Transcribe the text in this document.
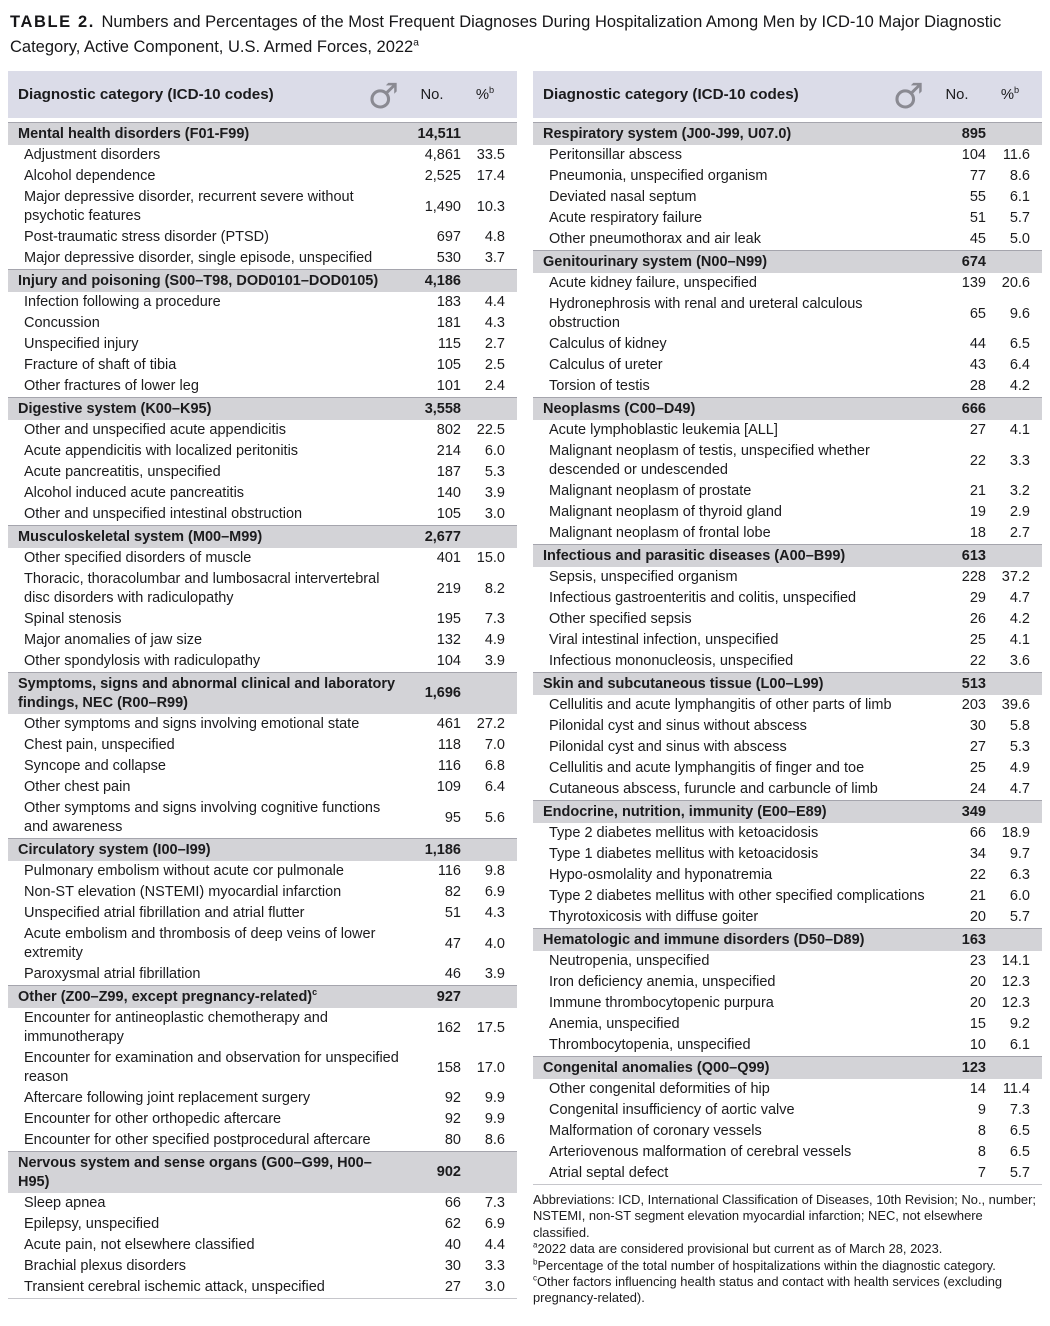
TABLE 2. Numbers and Percentages of the Most Frequent Diagnoses During Hospitalization Among Men by ICD-10 Major Diagnostic Category, Active Component, U.S. Armed Forces, 2022$^a$
Diagnostic category (ICD-10 codes)	♂	No.	%$^b$
Mental health disorders (F01-F99)	14,511
Adjustment disorders	4,861	33.5
Alcohol dependence	2,525	17.4
Major depressive disorder, recurrent severe without psychotic features
1,490	10.3
Post-traumatic stress disorder (PTSD)	697	4.8
Major depressive disorder, single episode, unspecified	530	3.7
Injury and poisoning (S00–T98, DOD0101–DOD0105)	4,186
Infection following a procedure	183	4.4
Concussion	181	4.3
Unspecified injury	115	2.7
Fracture of shaft of tibia	105	2.5
Other fractures of lower leg	101	2.4
Digestive system (K00–K95)	3,558
Other and unspecified acute appendicitis	802	22.5
Acute appendicitis with localized peritonitis	214	6.0
Acute pancreatitis, unspecified	187	5.3
Alcohol induced acute pancreatitis	140	3.9
Other and unspecified intestinal obstruction	105	3.0
Musculoskeletal system (M00–M99)	2,677
Other specified disorders of muscle	401	15.0
Thoracic, thoracolumbar and lumbosacral intervertebral disc disorders with radiculopathy
219	8.2
Spinal stenosis	195	7.3
Major anomalies of jaw size	132	4.9
Other spondylosis with radiculopathy	104	3.9
Symptoms, signs and abnormal clinical and laboratory findings, NEC (R00–R99)
1,696
Other symptoms and signs involving emotional state	461	27.2
Chest pain, unspecified	118	7.0
Syncope and collapse	116	6.8
Other chest pain	109	6.4
Other symptoms and signs involving cognitive functions and awareness
95	5.6
Circulatory system (I00–I99)	1,186
Pulmonary embolism without acute cor pulmonale	116	9.8
Non-ST elevation (NSTEMI) myocardial infarction	82	6.9
Unspecified atrial fibrillation and atrial flutter	51	4.3
Acute embolism and thrombosis of deep veins of lower extremity
47	4.0
Paroxysmal atrial fibrillation	46	3.9
Other (Z00–Z99, except pregnancy-related)$^c$	927
Encounter for antineoplastic chemotherapy and immunotherapy
162	17.5
Encounter for examination and observation for unspecified reason
158	17.0
Aftercare following joint replacement surgery	92	9.9
Encounter for other orthopedic aftercare	92	9.9
Encounter for other specified postprocedural aftercare	80	8.6
Nervous system and sense organs (G00–G99, H00–H95)
902
Sleep apnea	66	7.3
Epilepsy, unspecified	62	6.9
Acute pain, not elsewhere classified	40	4.4
Brachial plexus disorders	30	3.3
Transient cerebral ischemic attack, unspecified	27	3.0
Diagnostic category (ICD-10 codes)	♂	No.	%$^b$
Respiratory system (J00-J99, U07.0)	895
Peritonsillar abscess	104	11.6
Pneumonia, unspecified organism	77	8.6
Deviated nasal septum	55	6.1
Acute respiratory failure	51	5.7
Other pneumothorax and air leak	45	5.0
Genitourinary system (N00–N99)	674
Acute kidney failure, unspecified	139	20.6
Hydronephrosis with renal and ureteral calculous obstruction
65	9.6
Calculus of kidney	44	6.5
Calculus of ureter	43	6.4
Torsion of testis	28	4.2
Neoplasms (C00–D49)	666
Acute lymphoblastic leukemia [ALL]	27	4.1
Malignant neoplasm of testis, unspecified whether descended or undescended
22	3.3
Malignant neoplasm of prostate	21	3.2
Malignant neoplasm of thyroid gland	19	2.9
Malignant neoplasm of frontal lobe	18	2.7
Infectious and parasitic diseases (A00–B99)	613
Sepsis, unspecified organism	228	37.2
Infectious gastroenteritis and colitis, unspecified	29	4.7
Other specified sepsis	26	4.2
Viral intestinal infection, unspecified	25	4.1
Infectious mononucleosis, unspecified	22	3.6
Skin and subcutaneous tissue (L00–L99)	513
Cellulitis and acute lymphangitis of other parts of limb	203	39.6
Pilonidal cyst and sinus without abscess	30	5.8
Pilonidal cyst and sinus with abscess	27	5.3
Cellulitis and acute lymphangitis of finger and toe	25	4.9
Cutaneous abscess, furuncle and carbuncle of limb	24	4.7
Endocrine, nutrition, immunity (E00–E89)	349
Type 2 diabetes mellitus with ketoacidosis	66	18.9
Type 1 diabetes mellitus with ketoacidosis	34	9.7
Hypo-osmolality and hyponatremia	22	6.3
Type 2 diabetes mellitus with other specified complications	21	6.0
Thyrotoxicosis with diffuse goiter	20	5.7
Hematologic and immune disorders (D50–D89)	163
Neutropenia, unspecified	23	14.1
Iron deficiency anemia, unspecified	20	12.3
Immune thrombocytopenic purpura	20	12.3
Anemia, unspecified	15	9.2
Thrombocytopenia, unspecified	10	6.1
Congenital anomalies (Q00–Q99)	123
Other congenital deformities of hip	14	11.4
Congenital insufficiency of aortic valve	9	7.3
Malformation of coronary vessels	8	6.5
Arteriovenous malformation of cerebral vessels	8	6.5
Atrial septal defect	7	5.7
Abbreviations: ICD, International Classification of Diseases, 10th Revision; No., number; NSTEMI, non-ST segment elevation myocardial infarction; NEC, not elsewhere classified.
$^a$2022 data are considered provisional but current as of March 28, 2023.
$^b$Percentage of the total number of hospitalizations within the diagnostic category.
$^c$Other factors influencing health status and contact with health services (excluding pregnancy-related).
